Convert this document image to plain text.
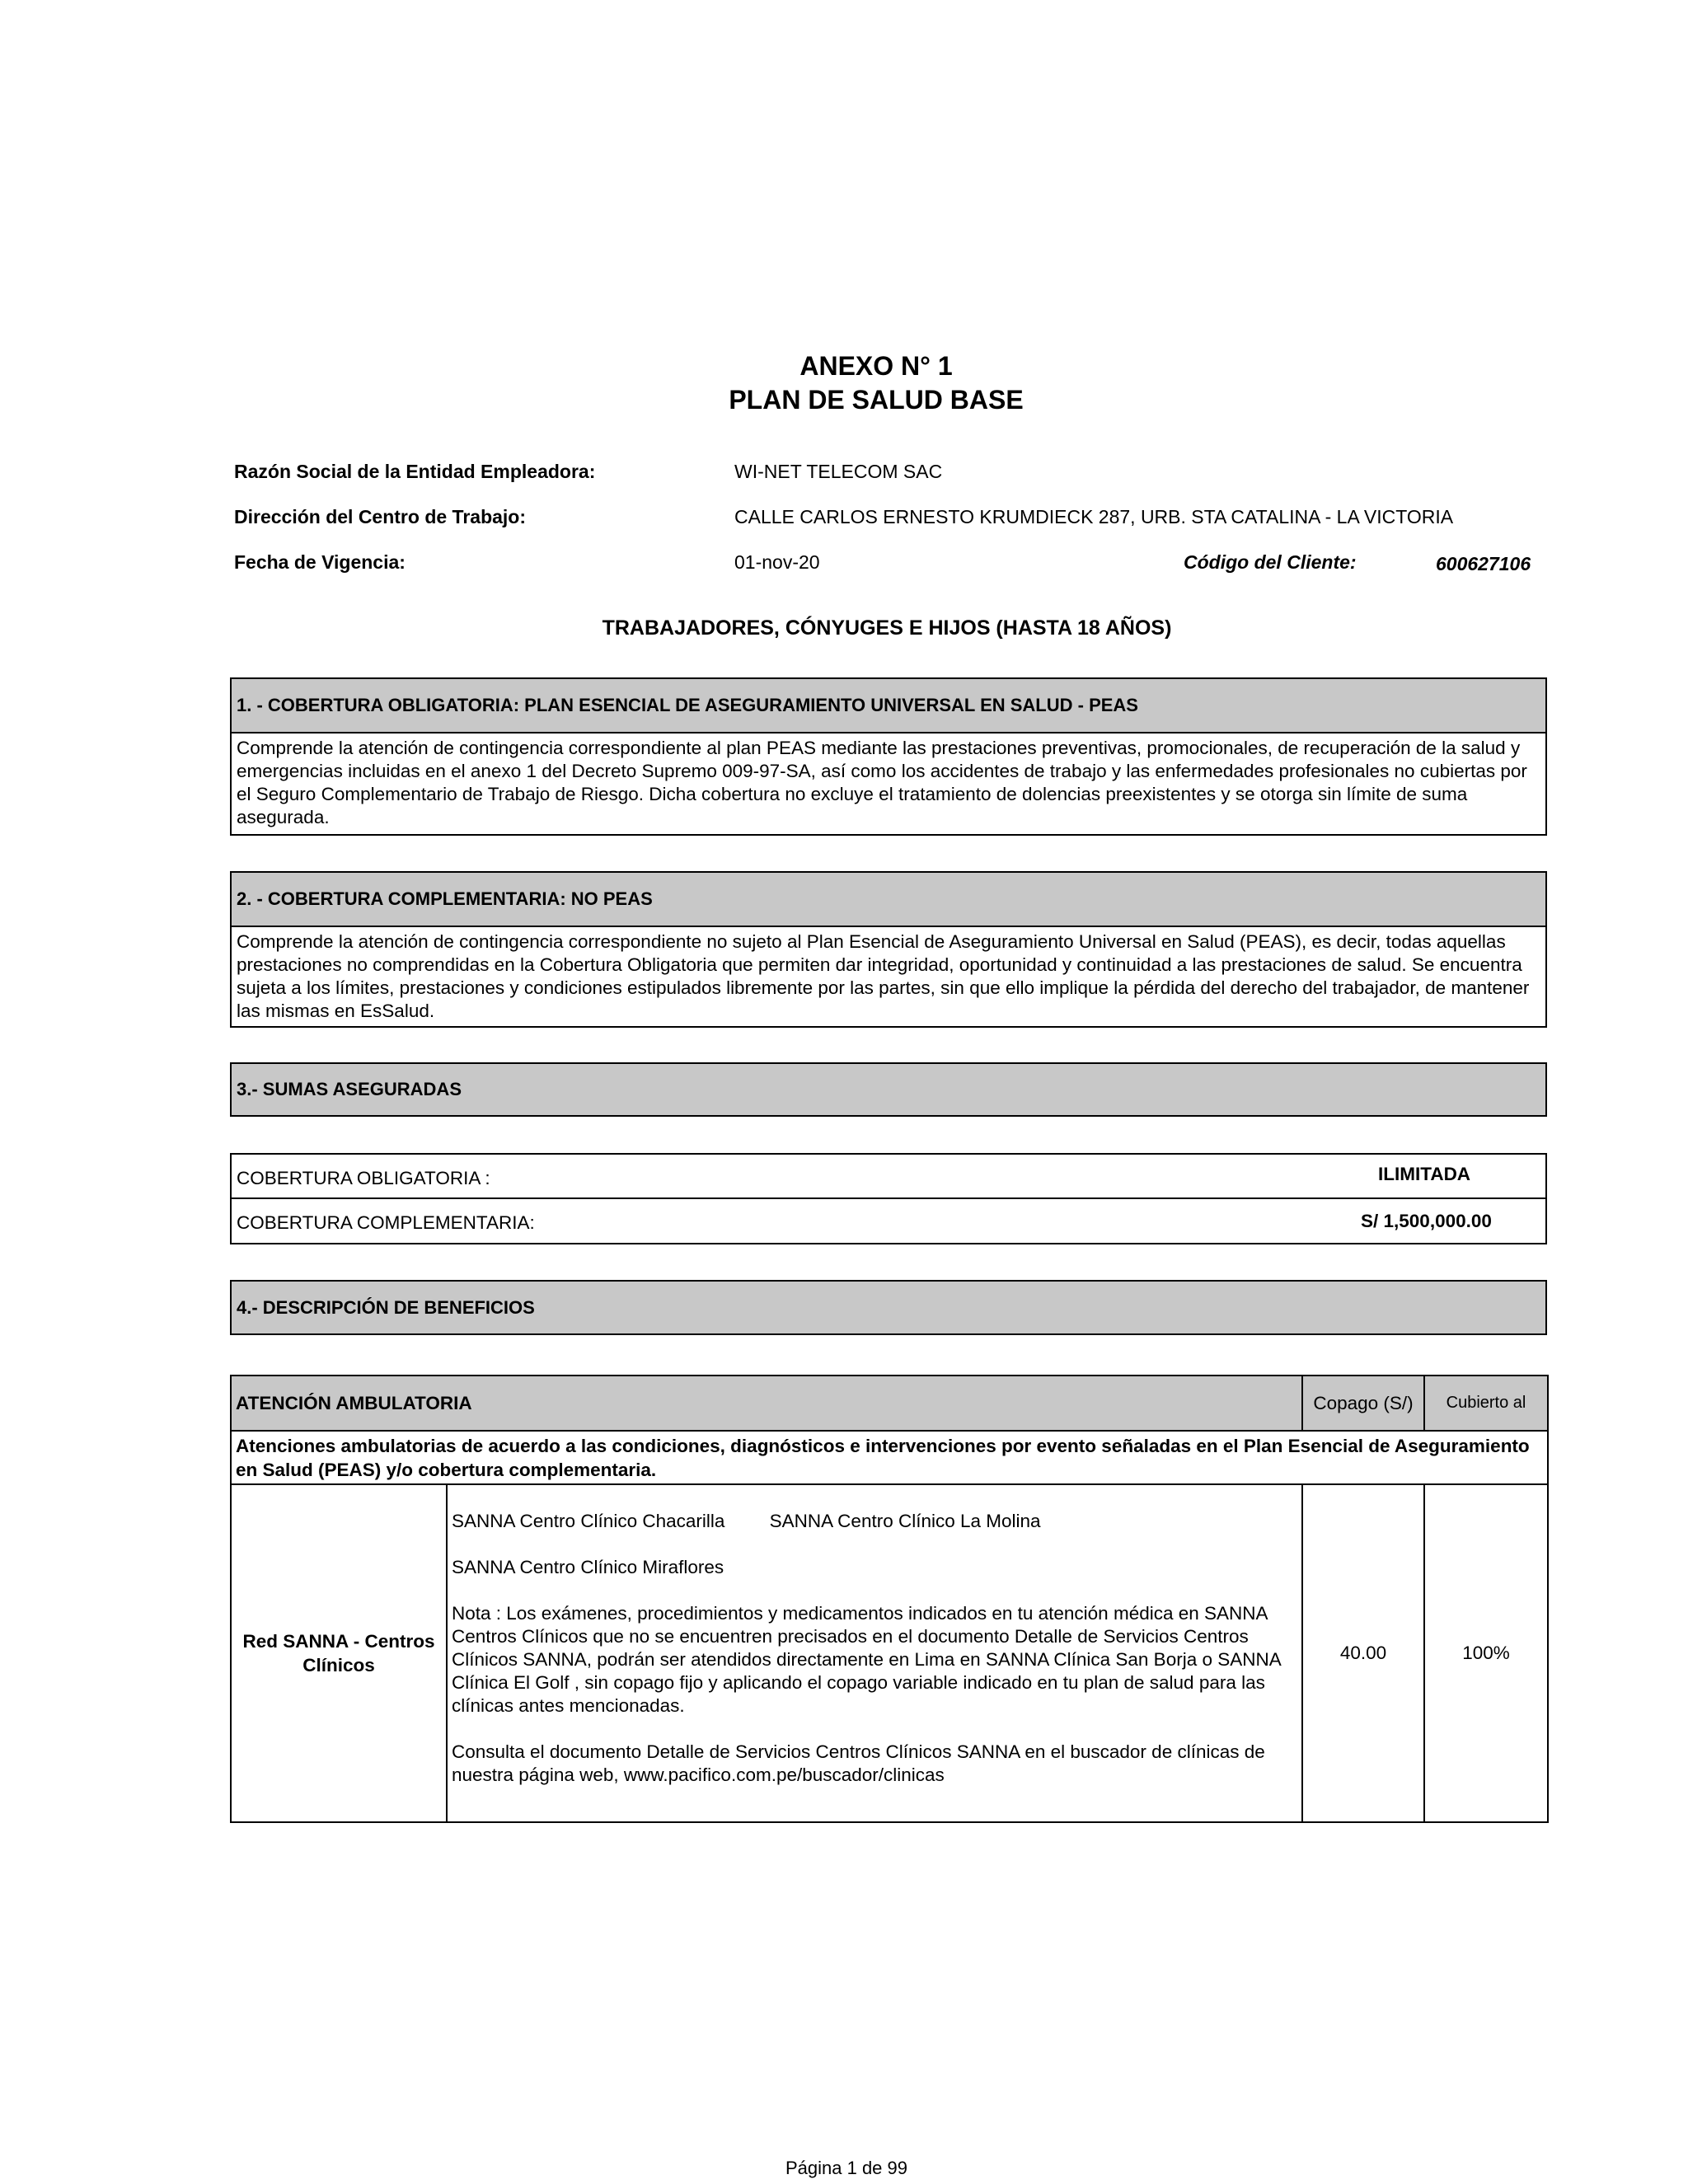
ANEXO N° 1
PLAN DE SALUD BASE
Razón Social de la Entidad Empleadora:	WI-NET TELECOM SAC
Dirección del Centro de Trabajo:	CALLE CARLOS ERNESTO KRUMDIECK 287, URB. STA CATALINA - LA VICTORIA
Fecha de Vigencia:	01-nov-20	Código del Cliente:	600627106
TRABAJADORES, CÓNYUGES E HIJOS (HASTA 18 AÑOS)
1. - COBERTURA OBLIGATORIA: PLAN ESENCIAL DE ASEGURAMIENTO UNIVERSAL EN SALUD - PEAS
Comprende la atención de contingencia correspondiente al plan PEAS mediante las prestaciones preventivas, promocionales, de recuperación de la salud y emergencias incluidas en el anexo 1 del Decreto Supremo 009-97-SA, así como los accidentes de trabajo y las enfermedades profesionales no cubiertas por el Seguro Complementario de Trabajo de Riesgo. Dicha cobertura no excluye el tratamiento de dolencias preexistentes y se otorga sin límite de suma asegurada.
2. - COBERTURA COMPLEMENTARIA: NO PEAS
Comprende la atención de contingencia correspondiente no sujeto al Plan Esencial de Aseguramiento Universal en Salud (PEAS), es decir, todas aquellas prestaciones no comprendidas en la Cobertura Obligatoria que permiten dar integridad, oportunidad y continuidad a las prestaciones de salud. Se encuentra sujeta a los límites, prestaciones y condiciones estipulados libremente por las partes, sin que ello implique la pérdida del derecho del trabajador, de mantener las mismas en EsSalud.
3.- SUMAS ASEGURADAS
COBERTURA OBLIGATORIA :	ILIMITADA
COBERTURA COMPLEMENTARIA:	S/ 1,500,000.00
4.- DESCRIPCIÓN DE BENEFICIOS
ATENCIÓN AMBULATORIA		Copago (S/)	Cubierto al
Atenciones ambulatorias de acuerdo a las condiciones, diagnósticos e intervenciones por evento señaladas en el Plan Esencial de Aseguramiento en Salud (PEAS) y/o cobertura complementaria.			
Red SANNA - Centros Clínicos	SANNA Centro Clínico Chacarilla SANNA Centro Clínico La Molina

SANNA Centro Clínico Miraflores

Nota : Los exámenes, procedimientos y medicamentos indicados en tu atención médica en SANNA Centros Clínicos que no se encuentren precisados en el documento Detalle de Servicios Centros Clínicos SANNA, podrán ser atendidos directamente en Lima en SANNA Clínica San Borja o SANNA Clínica El Golf , sin copago fijo y aplicando el copago variable indicado en tu plan de salud para las clínicas antes mencionadas.

Consulta el documento Detalle de Servicios Centros Clínicos SANNA en el buscador de clínicas de nuestra página web, www.pacifico.com.pe/buscador/clinicas	40.00	100%
Página 1 de 99
